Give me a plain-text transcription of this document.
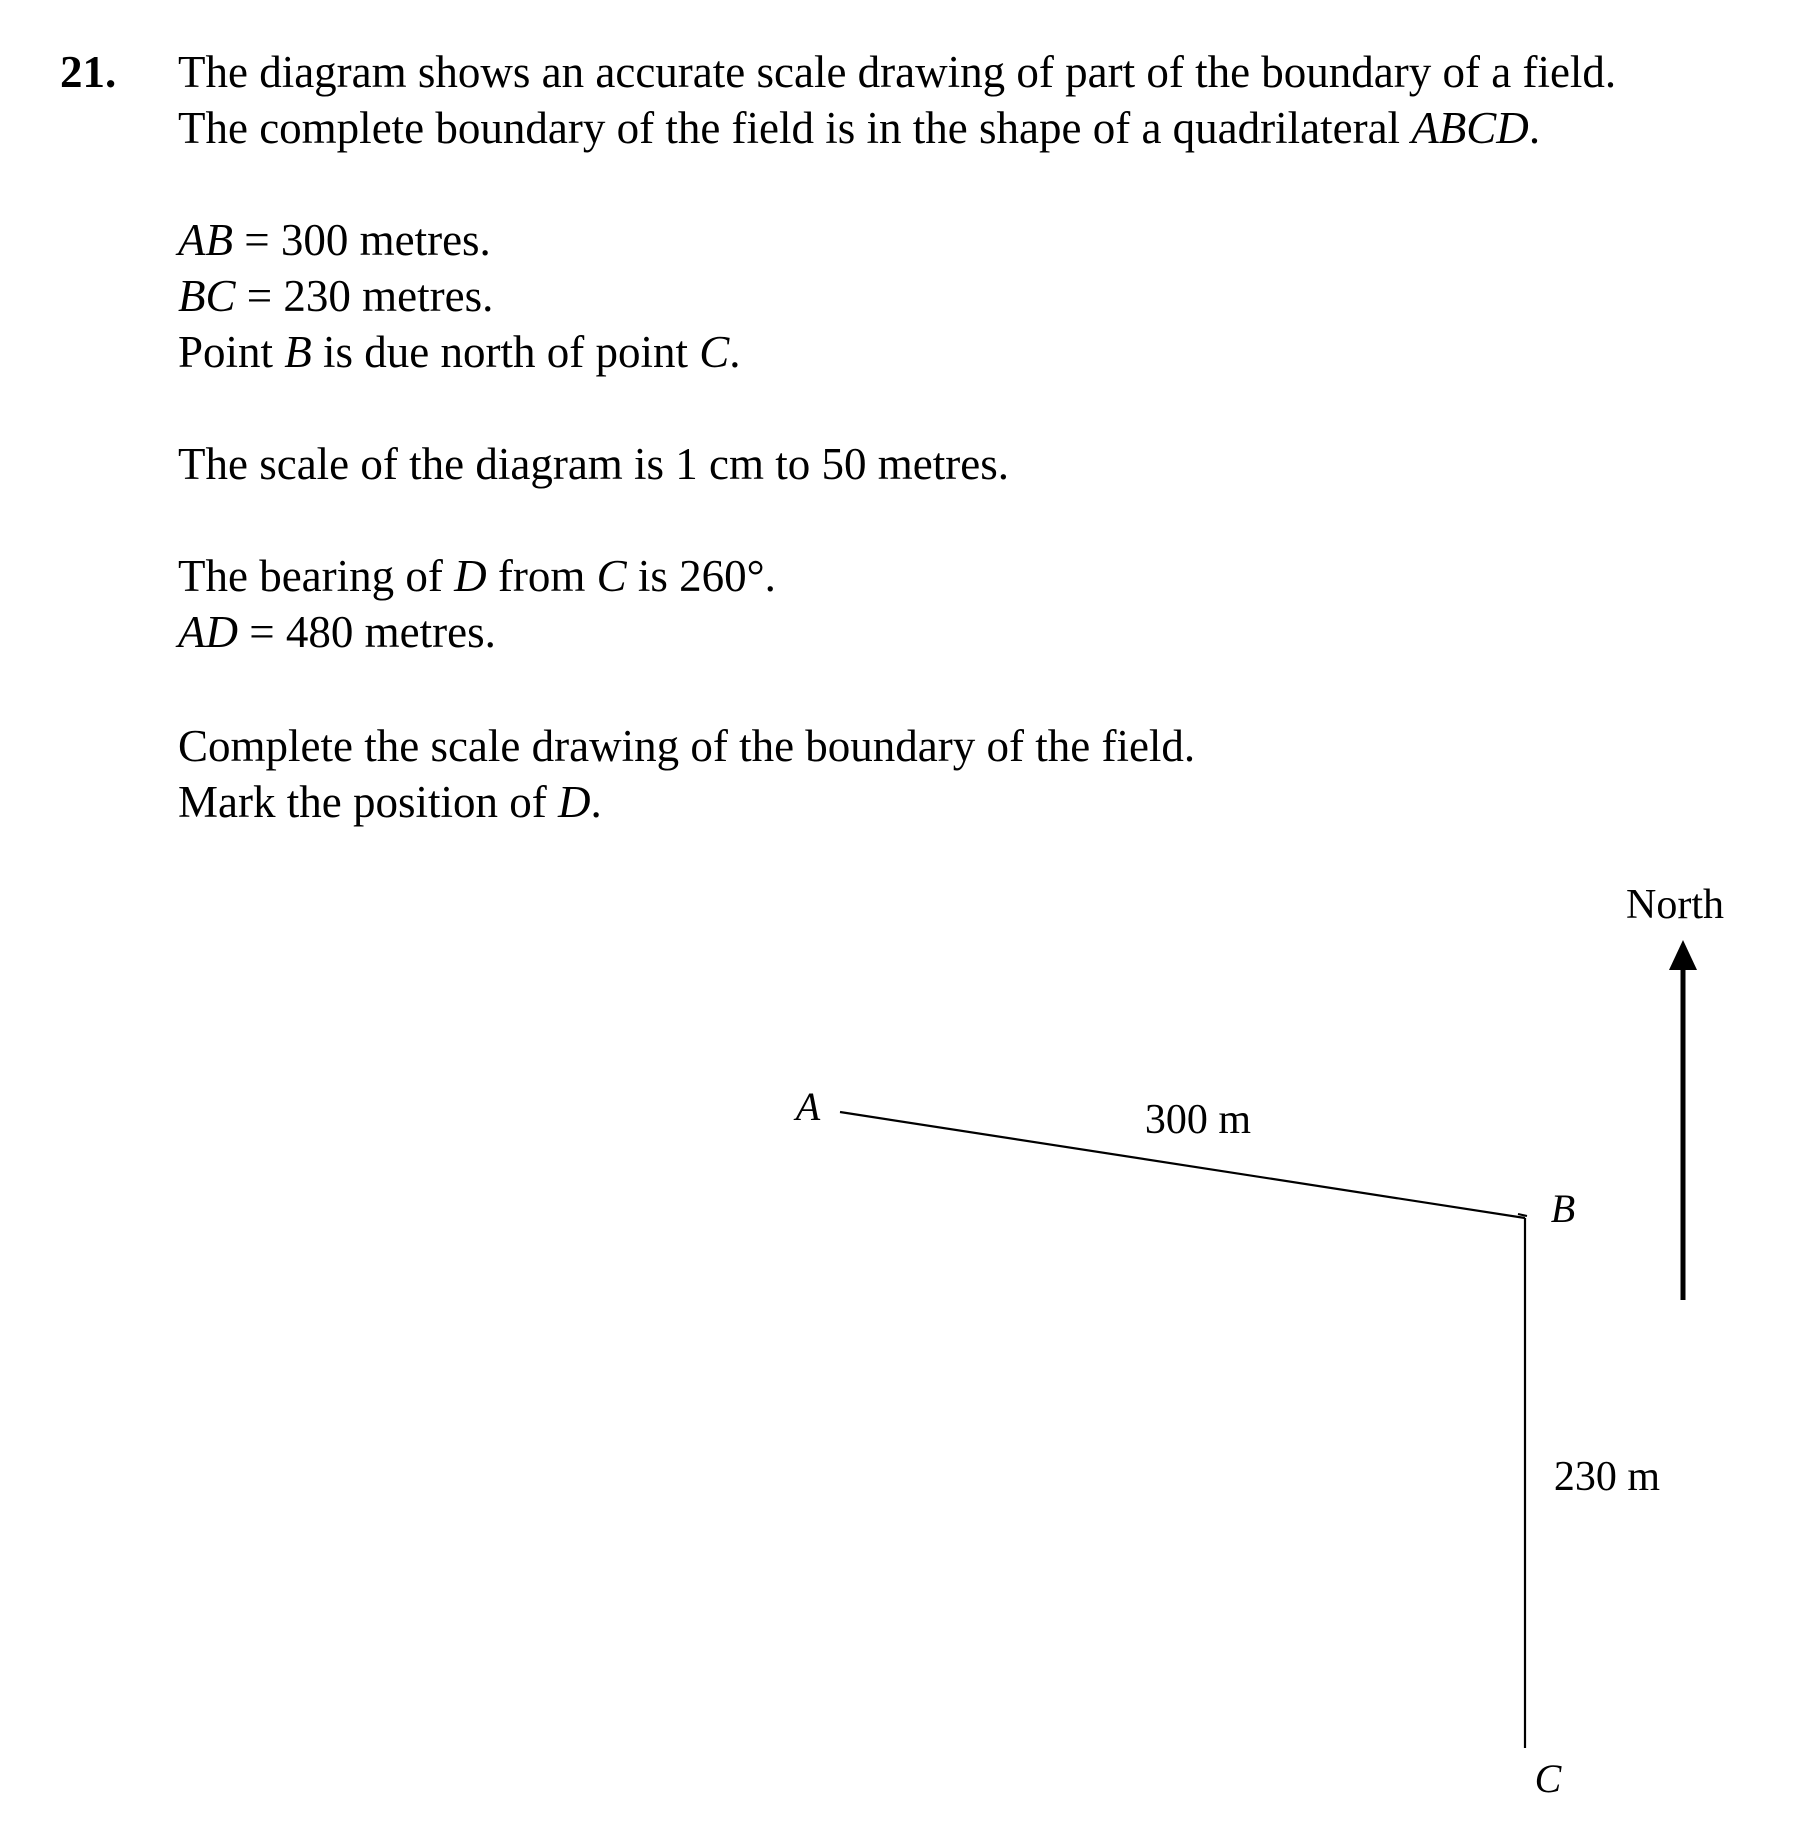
21. The diagram shows an accurate scale drawing of part of the boundary of a field.
The complete boundary of the field is in the shape of a quadrilateral ABCD.
AB = 300 metres.
BC = 230 metres.
Point B is due north of point C.
The scale of the diagram is 1 cm to 50 metres.
The bearing of D from C is 260°.
AD = 480 metres.
Complete the scale drawing of the boundary of the field.
Mark the position of D.
A	300 m
B
230 m
C
North
